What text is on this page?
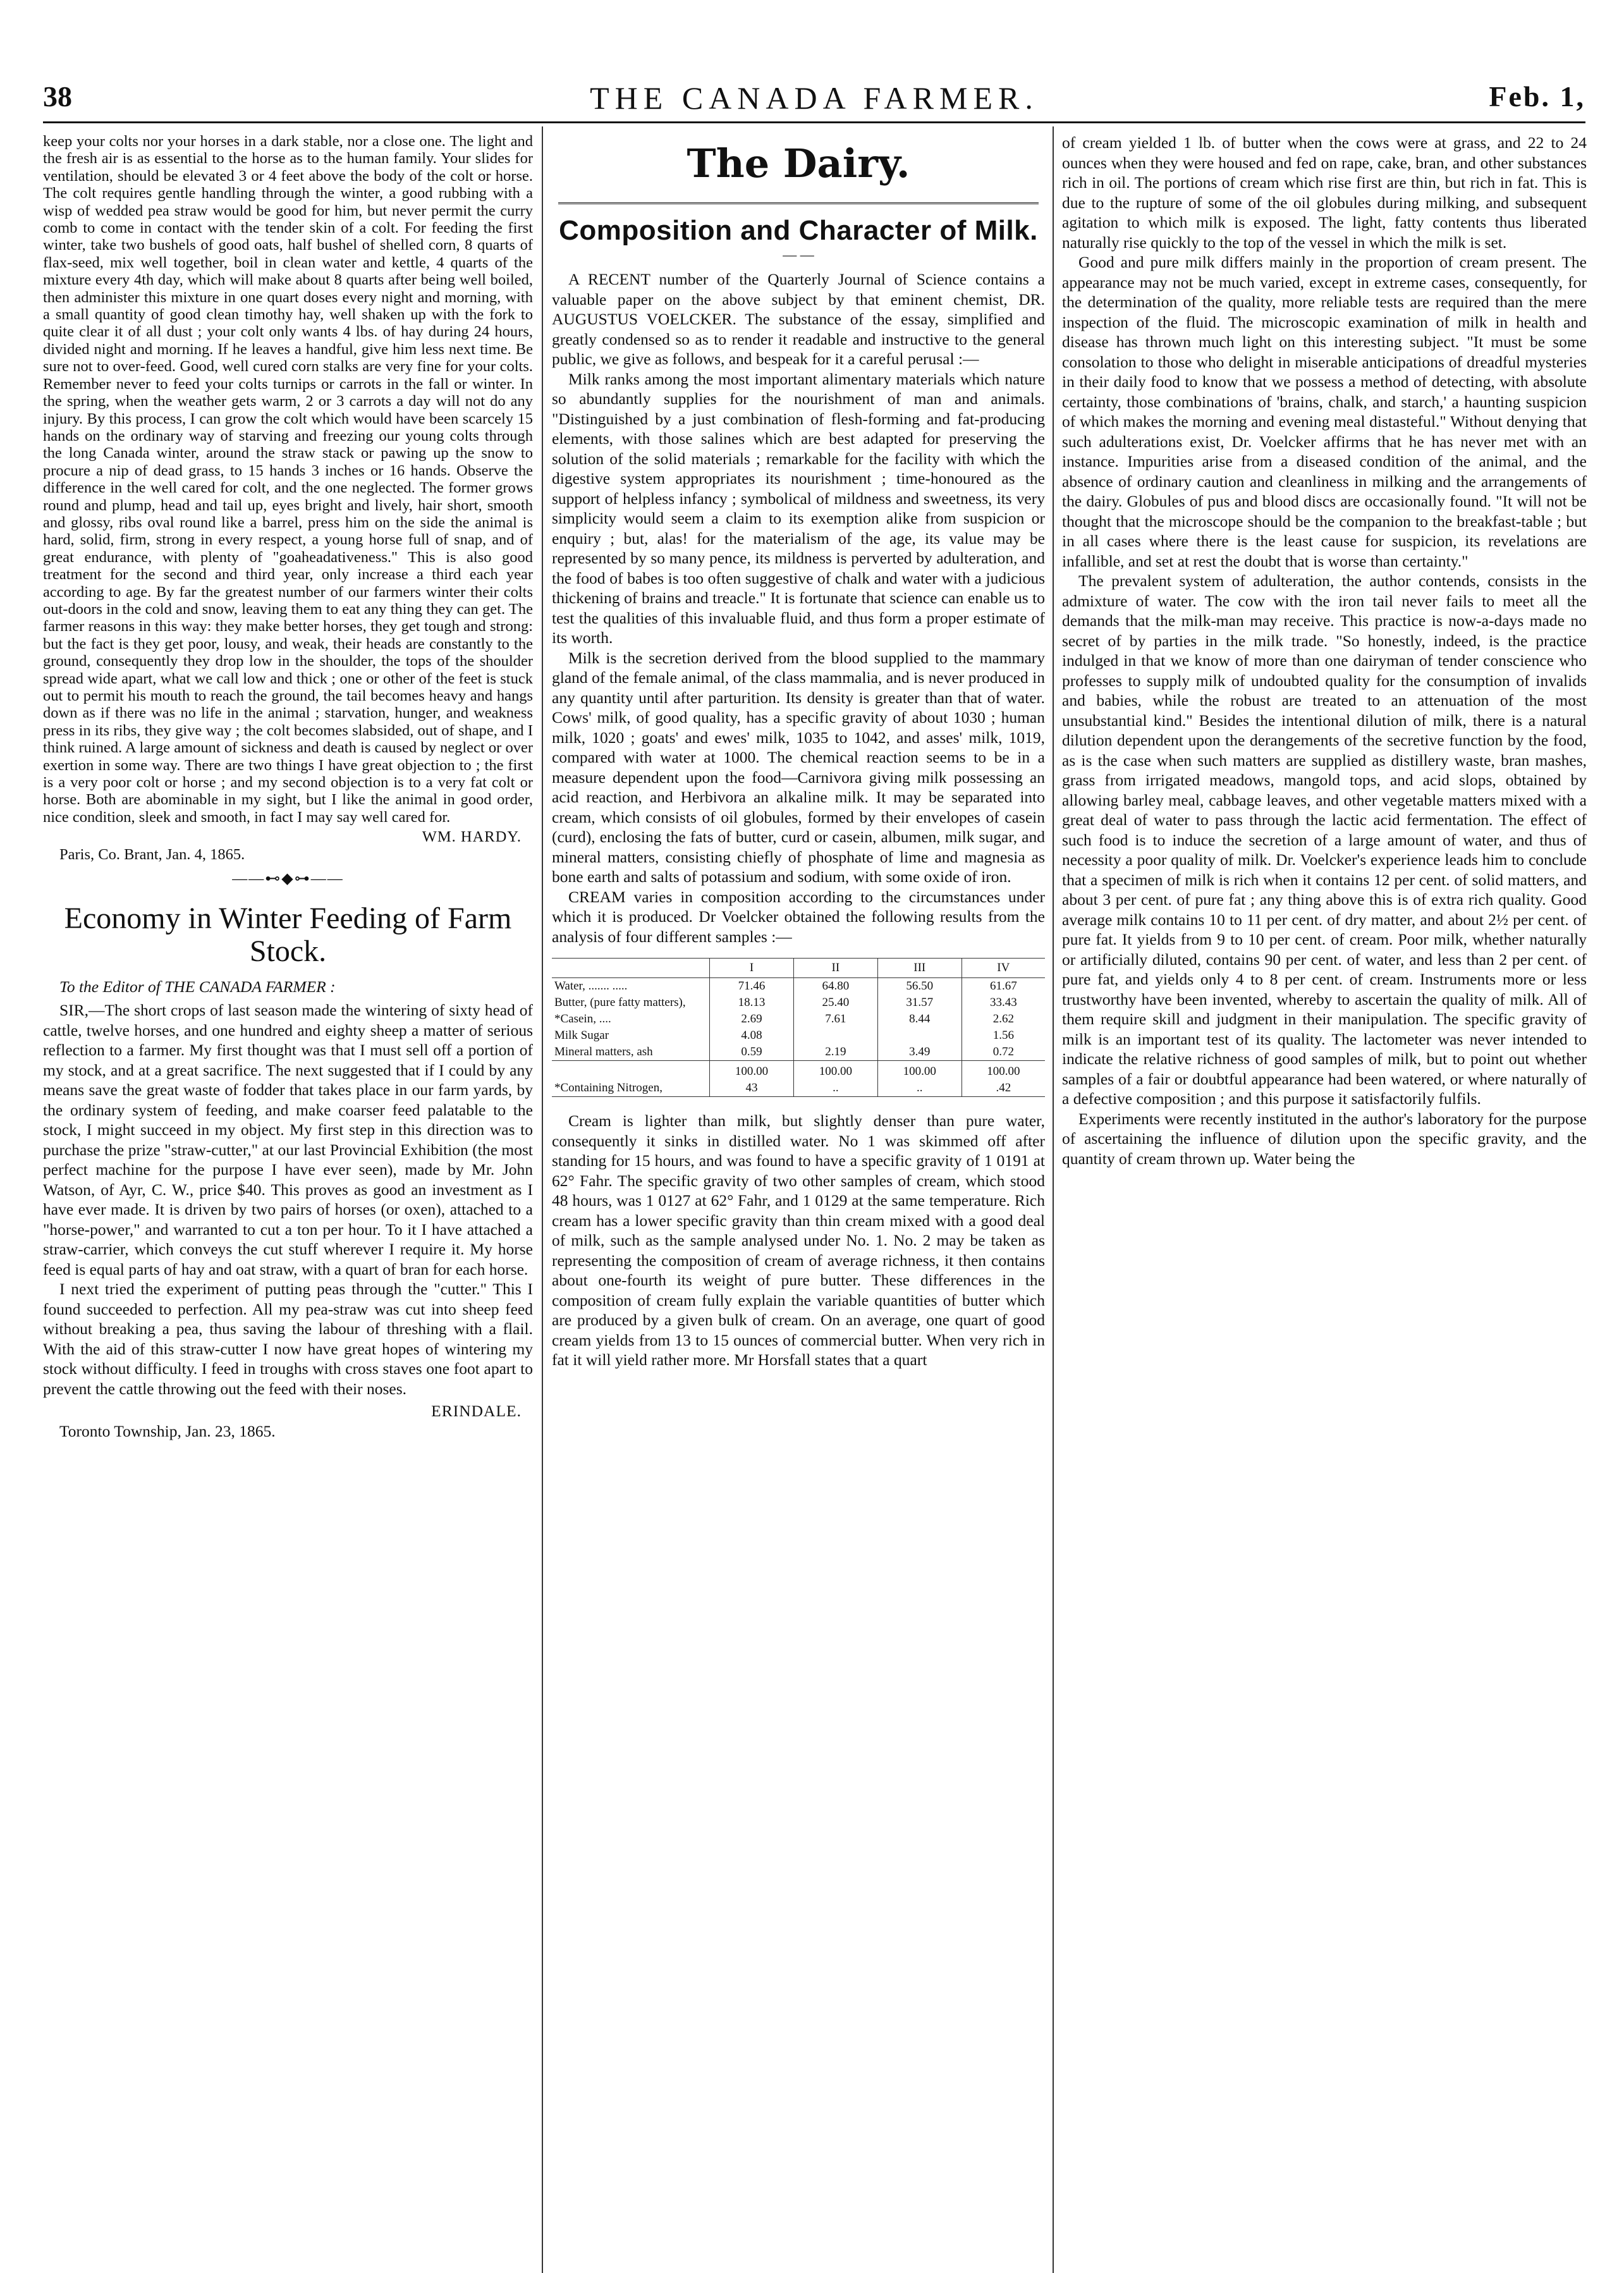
38	THE CANADA FARMER.	Feb. 1,

keep your colts nor your horses in a dark stable, nor a close one. The light and the fresh air is as essential to the horse as to the human family. Your slides for ventilation, should be elevated 3 or 4 feet above the body of the colt or horse. The colt requires gentle handling through the winter, a good rubbing with a wisp of wedded pea straw would be good for him, but never permit the curry comb to come in contact with the tender skin of a colt. For feeding the first winter, take two bushels of good oats, half bushel of shelled corn, 8 quarts of flax-seed, mix well together, boil in clean water and kettle, 4 quarts of the mixture every 4th day, which will make about 8 quarts after being well boiled, then administer this mixture in one quart doses every night and morning, with a small quantity of good clean timothy hay, well shaken up with the fork to quite clear it of all dust ; your colt only wants 4 lbs. of hay during 24 hours, divided night and morning. If he leaves a handful, give him less next time. Be sure not to over-feed. Good, well cured corn stalks are very fine for your colts. Remember never to feed your colts turnips or carrots in the fall or winter. In the spring, when the weather gets warm, 2 or 3 carrots a day will not do any injury. By this process, I can grow the colt which would have been scarcely 15 hands on the ordinary way of starving and freezing our young colts through the long Canada winter, around the straw stack or pawing up the snow to procure a nip of dead grass, to 15 hands 3 inches or 16 hands. Observe the difference in the well cared for colt, and the one neglected. The former grows round and plump, head and tail up, eyes bright and lively, hair short, smooth and glossy, ribs oval round like a barrel, press him on the side the animal is hard, solid, firm, strong in every respect, a young horse full of snap, and of great endurance, with plenty of "goaheadativeness." This is also good treatment for the second and third year, only increase a third each year according to age. By far the greatest number of our farmers winter their colts out-doors in the cold and snow, leaving them to eat any thing they can get. The farmer reasons in this way: they make better horses, they get tough and strong: but the fact is they get poor, lousy, and weak, their heads are constantly to the ground, consequently they drop low in the shoulder, the tops of the shoulder spread wide apart, what we call low and thick ; one or other of the feet is stuck out to permit his mouth to reach the ground, the tail becomes heavy and hangs down as if there was no life in the animal ; starvation, hunger, and weakness press in its ribs, they give way ; the colt becomes slabsided, out of shape, and I think ruined. A large amount of sickness and death is caused by neglect or over exertion in some way. There are two things I have great objection to ; the first is a very poor colt or horse ; and my second objection is to a very fat colt or horse. Both are abominable in my sight, but I like the animal in good order, nice condition, sleek and smooth, in fact I may say well cared for.

WM. HARDY.
Paris, Co. Brant, Jan. 4, 1865.
——⊷◆⊶——
Economy in Winter Feeding of Farm Stock.
To the Editor of THE CANADA FARMER :

SIR,—The short crops of last season made the wintering of sixty head of cattle, twelve horses, and one hundred and eighty sheep a matter of serious reflection to a farmer. My first thought was that I must sell off a portion of my stock, and at a great sacrifice. The next suggested that if I could by any means save the great waste of fodder that takes place in our farm yards, by the ordinary system of feeding, and make coarser feed palatable to the stock, I might succeed in my object. My first step in this direction was to purchase the prize "straw-cutter," at our last Provincial Exhibition (the most perfect machine for the purpose I have ever seen), made by Mr. John Watson, of Ayr, C. W., price $40. This proves as good an investment as I have ever made. It is driven by two pairs of horses (or oxen), attached to a "horse-power," and warranted to cut a ton per hour. To it I have attached a straw-carrier, which conveys the cut stuff wherever I require it. My horse feed is equal parts of hay and oat straw, with a quart of bran for each horse.

I next tried the experiment of putting peas through the "cutter." This I found succeeded to perfection. All my pea-straw was cut into sheep feed without breaking a pea, thus saving the labour of threshing with a flail. With the aid of this straw-cutter I now have great hopes of wintering my stock without difficulty. I feed in troughs with cross staves one foot apart to prevent the cattle throwing out the feed with their noses.

ERINDALE.
Toronto Township, Jan. 23, 1865.
The Dairy.
Composition and Character of Milk.
— —

A RECENT number of the Quarterly Journal of Science contains a valuable paper on the above subject by that eminent chemist, DR. AUGUSTUS VOELCKER. The substance of the essay, simplified and greatly condensed so as to render it readable and instructive to the general public, we give as follows, and bespeak for it a careful perusal :—

Milk ranks among the most important alimentary materials which nature so abundantly supplies for the nourishment of man and animals. "Distinguished by a just combination of flesh-forming and fat-producing elements, with those salines which are best adapted for preserving the solution of the solid materials ; remarkable for the facility with which the digestive system appropriates its nourishment ; time-honoured as the support of helpless infancy ; symbolical of mildness and sweetness, its very simplicity would seem a claim to its exemption alike from suspicion or enquiry ; but, alas! for the materialism of the age, its value may be represented by so many pence, its mildness is perverted by adulteration, and the food of babes is too often suggestive of chalk and water with a judicious thickening of brains and treacle." It is fortunate that science can enable us to test the qualities of this invaluable fluid, and thus form a proper estimate of its worth.

Milk is the secretion derived from the blood supplied to the mammary gland of the female animal, of the class mammalia, and is never produced in any quantity until after parturition. Its density is greater than that of water. Cows' milk, of good quality, has a specific gravity of about 1030 ; human milk, 1020 ; goats' and ewes' milk, 1035 to 1042, and asses' milk, 1019, compared with water at 1000. The chemical reaction seems to be in a measure dependent upon the food—Carnivora giving milk possessing an acid reaction, and Herbivora an alkaline milk. It may be separated into cream, which consists of oil globules, formed by their envelopes of casein (curd), enclosing the fats of butter, curd or casein, albumen, milk sugar, and mineral matters, consisting chiefly of phosphate of lime and magnesia as bone earth and salts of potassium and sodium, with some oxide of iron.

CREAM varies in composition according to the circumstances under which it is produced. Dr Voelcker obtained the following results from the analysis of four different samples :—

	I	II	III	IV
Water, ....... .....	71.46	64.80	56.50	61.67
Butter, (pure fatty matters),	18.13	25.40	31.57	33.43
*Casein, ....	2.69	7.61	8.44	2.62
Milk Sugar	4.08			1.56
Mineral matters, ash	0.59	2.19	3.49	0.72
	100.00	100.00	100.00	100.00
*Containing Nitrogen,	43	..	..	.42

Cream is lighter than milk, but slightly denser than pure water, consequently it sinks in distilled water. No 1 was skimmed off after standing for 15 hours, and was found to have a specific gravity of 1 0191 at 62° Fahr. The specific gravity of two other samples of cream, which stood 48 hours, was 1 0127 at 62° Fahr, and 1 0129 at the same temperature. Rich cream has a lower specific gravity than thin cream mixed with a good deal of milk, such as the sample analysed under No. 1. No. 2 may be taken as representing the composition of cream of average richness, it then contains about one-fourth its weight of pure butter. These differences in the composition of cream fully explain the variable quantities of butter which are produced by a given bulk of cream. On an average, one quart of good cream yields from 13 to 15 ounces of commercial butter. When very rich in fat it will yield rather more. Mr Horsfall states that a quart

of cream yielded 1 lb. of butter when the cows were at grass, and 22 to 24 ounces when they were housed and fed on rape, cake, bran, and other substances rich in oil. The portions of cream which rise first are thin, but rich in fat. This is due to the rupture of some of the oil globules during milking, and subsequent agitation to which milk is exposed. The light, fatty contents thus liberated naturally rise quickly to the top of the vessel in which the milk is set.

Good and pure milk differs mainly in the proportion of cream present. The appearance may not be much varied, except in extreme cases, consequently, for the determination of the quality, more reliable tests are required than the mere inspection of the fluid. The microscopic examination of milk in health and disease has thrown much light on this interesting subject. "It must be some consolation to those who delight in miserable anticipations of dreadful mysteries in their daily food to know that we possess a method of detecting, with absolute certainty, those combinations of 'brains, chalk, and starch,' a haunting suspicion of which makes the morning and evening meal distasteful." Without denying that such adulterations exist, Dr. Voelcker affirms that he has never met with an instance. Impurities arise from a diseased condition of the animal, and the absence of ordinary caution and cleanliness in milking and the arrangements of the dairy. Globules of pus and blood discs are occasionally found. "It will not be thought that the microscope should be the companion to the breakfast-table ; but in all cases where there is the least cause for suspicion, its revelations are infallible, and set at rest the doubt that is worse than certainty."

The prevalent system of adulteration, the author contends, consists in the admixture of water. The cow with the iron tail never fails to meet all the demands that the milk-man may receive. This practice is now-a-days made no secret of by parties in the milk trade. "So honestly, indeed, is the practice indulged in that we know of more than one dairyman of tender conscience who professes to supply milk of undoubted quality for the consumption of invalids and babies, while the robust are treated to an attenuation of the most unsubstantial kind." Besides the intentional dilution of milk, there is a natural dilution dependent upon the derangements of the secretive function by the food, as is the case when such matters are supplied as distillery waste, bran mashes, grass from irrigated meadows, mangold tops, and acid slops, obtained by allowing barley meal, cabbage leaves, and other vegetable matters mixed with a great deal of water to pass through the lactic acid fermentation. The effect of such food is to induce the secretion of a large amount of water, and thus of necessity a poor quality of milk. Dr. Voelcker's experience leads him to conclude that a specimen of milk is rich when it contains 12 per cent. of solid matters, and about 3 per cent. of pure fat ; any thing above this is of extra rich quality. Good average milk contains 10 to 11 per cent. of dry matter, and about 2½ per cent. of pure fat. It yields from 9 to 10 per cent. of cream. Poor milk, whether naturally or artificially diluted, contains 90 per cent. of water, and less than 2 per cent. of pure fat, and yields only 4 to 8 per cent. of cream. Instruments more or less trustworthy have been invented, whereby to ascertain the quality of milk. All of them require skill and judgment in their manipulation. The specific gravity of milk is an important test of its quality. The lactometer was never intended to indicate the relative richness of good samples of milk, but to point out whether samples of a fair or doubtful appearance had been watered, or where naturally of a defective composition ; and this purpose it satisfactorily fulfils.

Experiments were recently instituted in the author's laboratory for the purpose of ascertaining the influence of dilution upon the specific gravity, and the quantity of cream thrown up. Water being the
